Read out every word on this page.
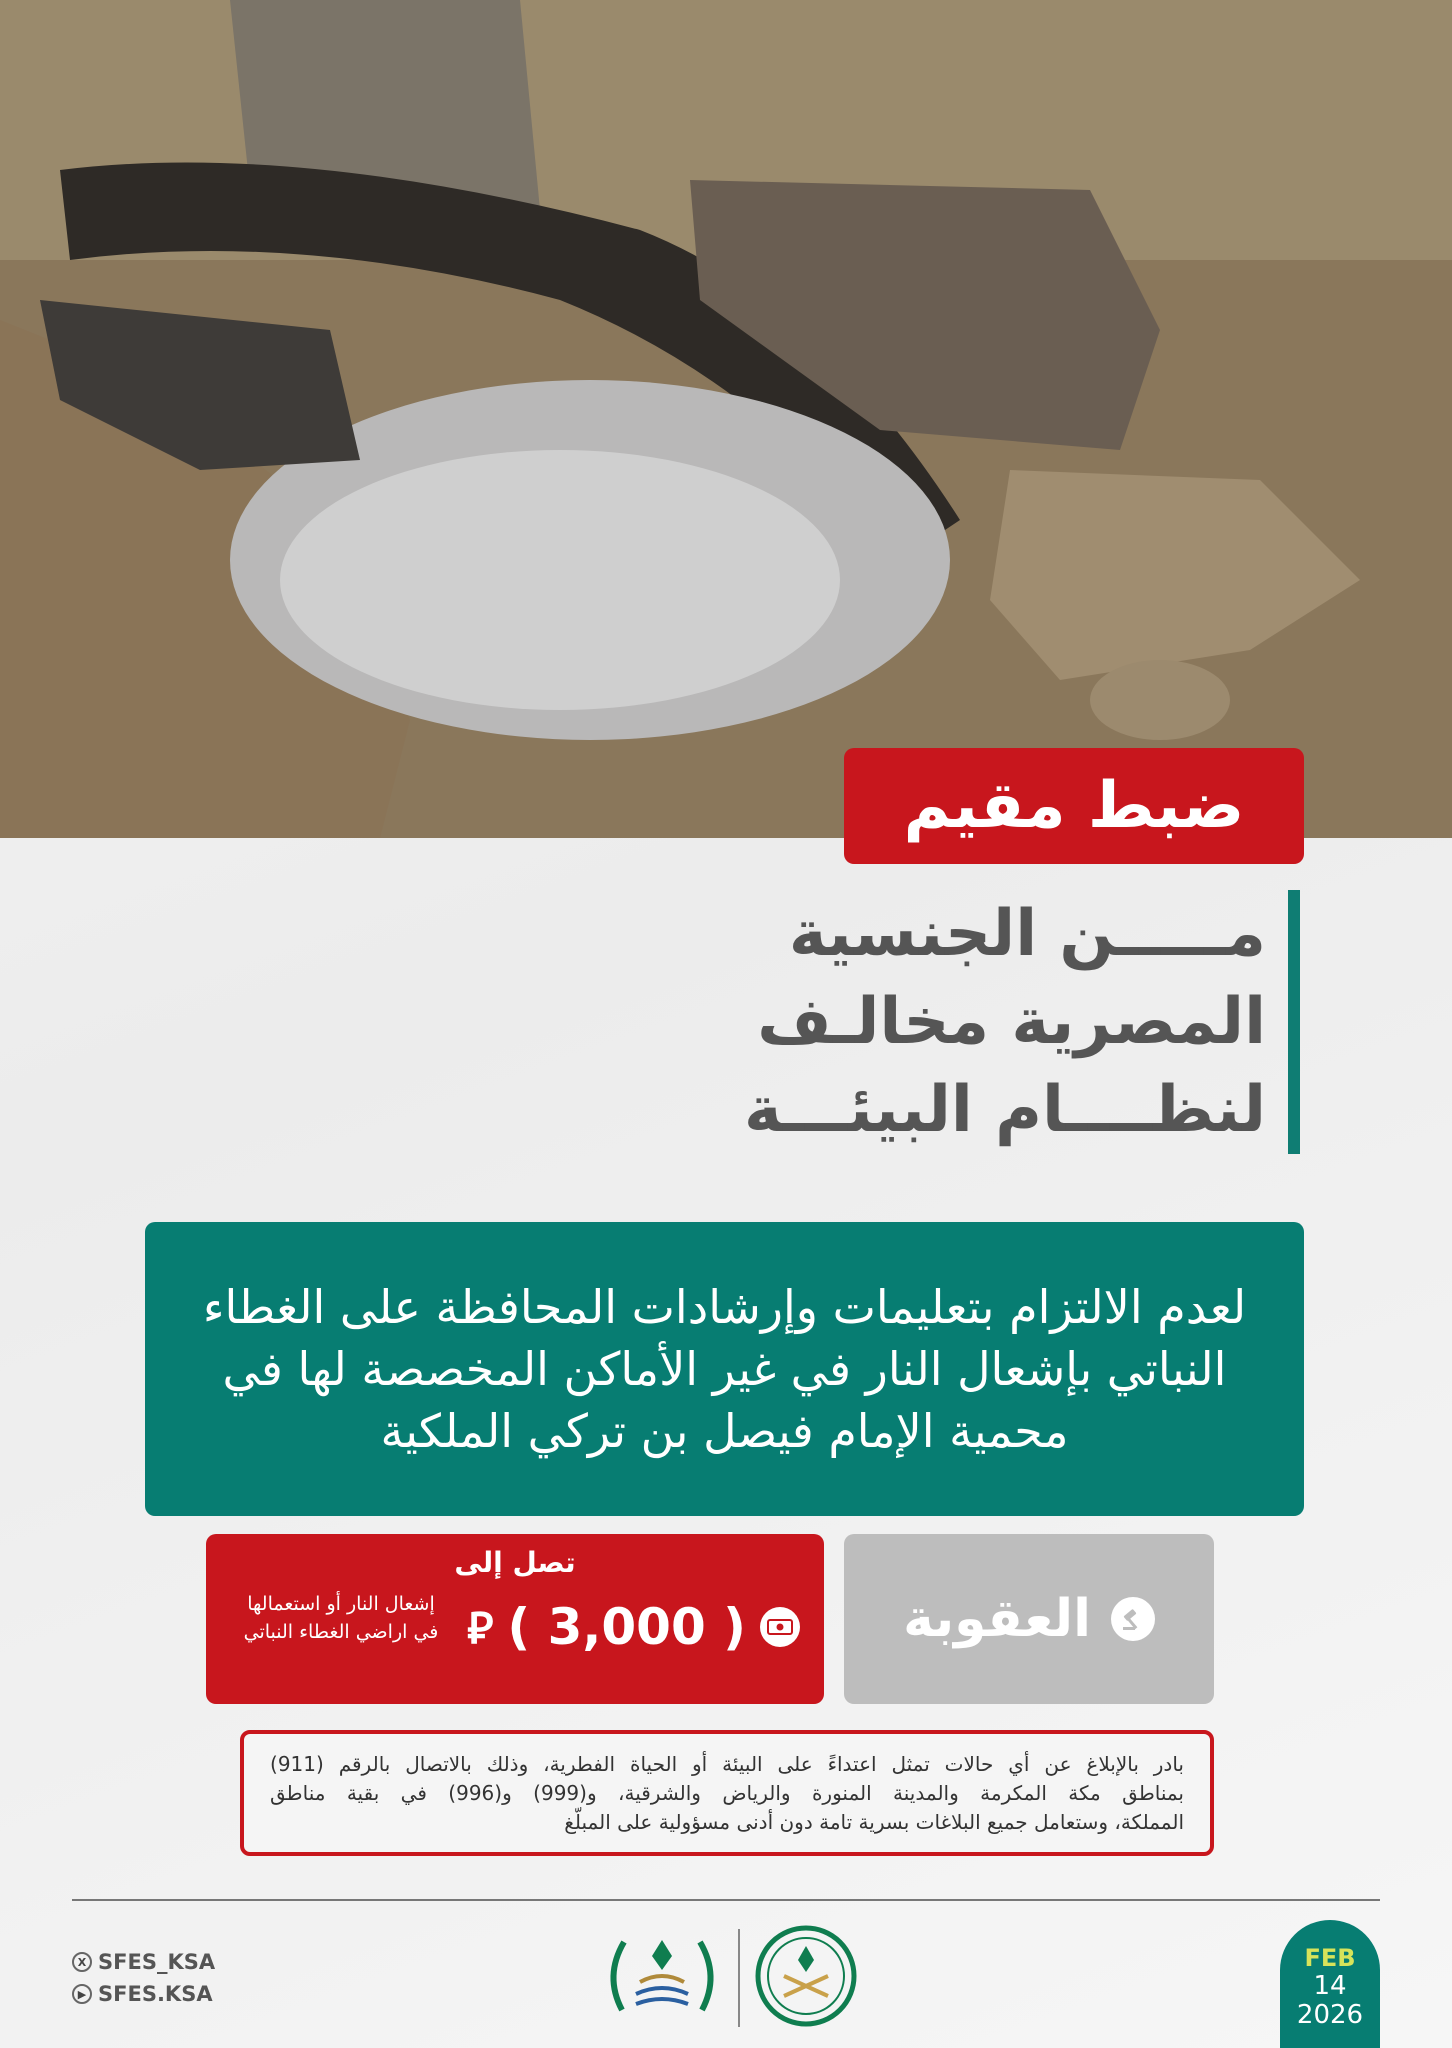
ضبط مقيم
مـــــن الجنسية
المصرية مخالـف
لنظــــام البيئـــة
لعدم الالتزام بتعليمات وإرشادات المحافظة على الغطاء
النباتي بإشعال النار في غير الأماكن المخصصة لها في
محمية الإمام فيصل بن تركي الملكية
العقوبة
تصل إلى
( 3,000 )
⃁
إشعال النار أو استعمالها
في اراضي الغطاء النباتي
بادر بالإبلاغ عن أي حالات تمثل اعتداءً على البيئة أو الحياة الفطرية، وذلك بالاتصال بالرقم (911)
بمناطق مكة المكرمة والمدينة المنورة والرياض والشرقية، و(999) و(996) في بقية مناطق
المملكة، وستعامل جميع البلاغات بسرية تامة دون أدنى مسؤولية على المبلّغ
X SFES_KSA
▶ SFES.KSA
FEB
14
2026
